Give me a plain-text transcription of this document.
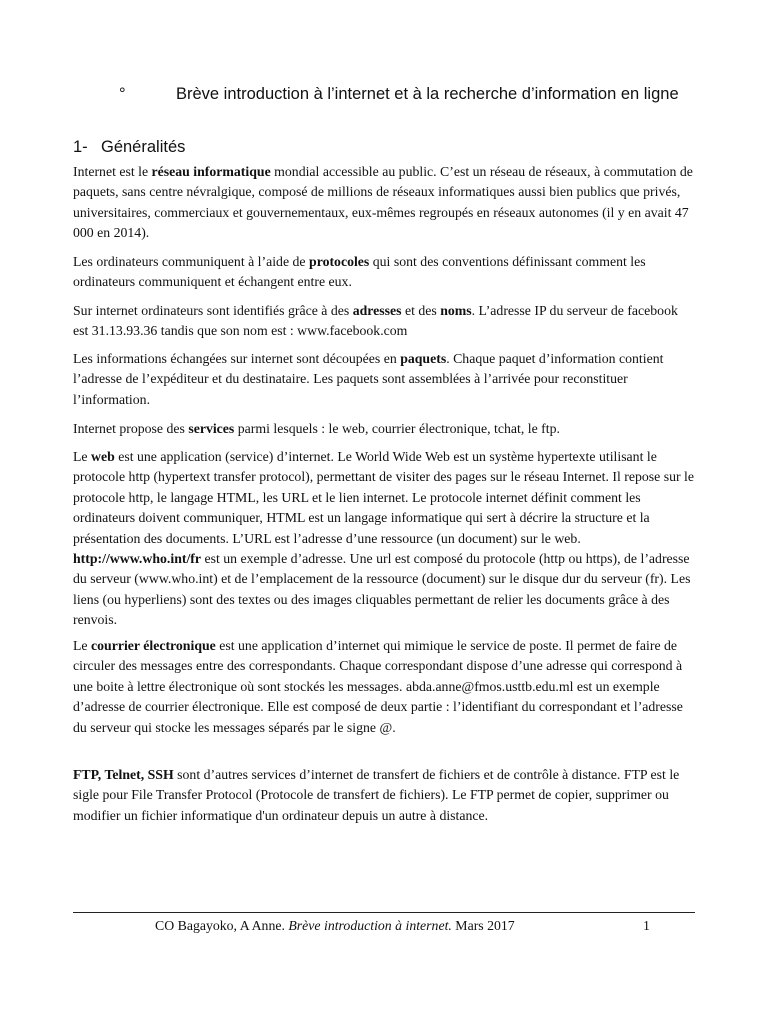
°	Brève introduction à l’internet et à la recherche d’information en ligne
1- Généralités

Internet est le réseau informatique mondial accessible au public. C’est un réseau de réseaux, à commutation de paquets, sans centre névralgique, composé de millions de réseaux informatiques aussi bien publics que privés, universitaires, commerciaux et gouvernementaux, eux-mêmes regroupés en réseaux autonomes (il y en avait 47 000 en 2014).

Les ordinateurs communiquent à l’aide de protocoles qui sont des conventions définissant comment les ordinateurs communiquent et échangent entre eux.

Sur internet ordinateurs sont identifiés grâce à des adresses et des noms. L’adresse IP du serveur de facebook est 31.13.93.36 tandis que son nom est : www.facebook.com

Les informations échangées sur internet sont découpées en paquets. Chaque paquet d’information contient l’adresse de l’expéditeur et du destinataire. Les paquets sont assemblées à l’arrivée pour reconstituer l’information.

Internet propose des services parmi lesquels : le web, courrier électronique, tchat, le ftp.

Le web est une application (service) d’internet. Le World Wide Web est un système hypertexte utilisant le protocole http (hypertext transfer protocol), permettant de visiter des pages sur le réseau Internet. Il repose sur le protocole http, le langage HTML, les URL et le lien internet. Le protocole internet définit comment les ordinateurs doivent communiquer, HTML est un langage informatique qui sert à décrire la structure et la présentation des documents. L’URL est l’adresse d’une ressource (un document) sur le web. http://www.who.int/fr est un exemple d’adresse. Une url est composé du protocole (http ou https), de l’adresse du serveur (www.who.int) et de l’emplacement de la ressource (document) sur le disque dur du serveur (fr). Les liens (ou hyperliens) sont des textes ou des images cliquables permettant de relier les documents grâce à des renvois.

Le courrier électronique est une application d’internet qui mimique le service de poste. Il permet de faire de circuler des messages entre des correspondants. Chaque correspondant dispose d’une adresse qui correspond à une boite à lettre électronique où sont stockés les messages. abda.anne@fmos.usttb.edu.ml est un exemple d’adresse de courrier électronique. Elle est composé de deux partie : l’identifiant du correspondant et l’adresse du serveur qui stocke les messages séparés par le signe @.

FTP, Telnet, SSH sont d’autres services d’internet de transfert de fichiers et de contrôle à distance. FTP est le sigle pour File Transfer Protocol (Protocole de transfert de fichiers). Le FTP permet de copier, supprimer ou modifier un fichier informatique d'un ordinateur depuis un autre à distance.

CO Bagayoko, A Anne. Brève introduction à internet. Mars 2017	1
